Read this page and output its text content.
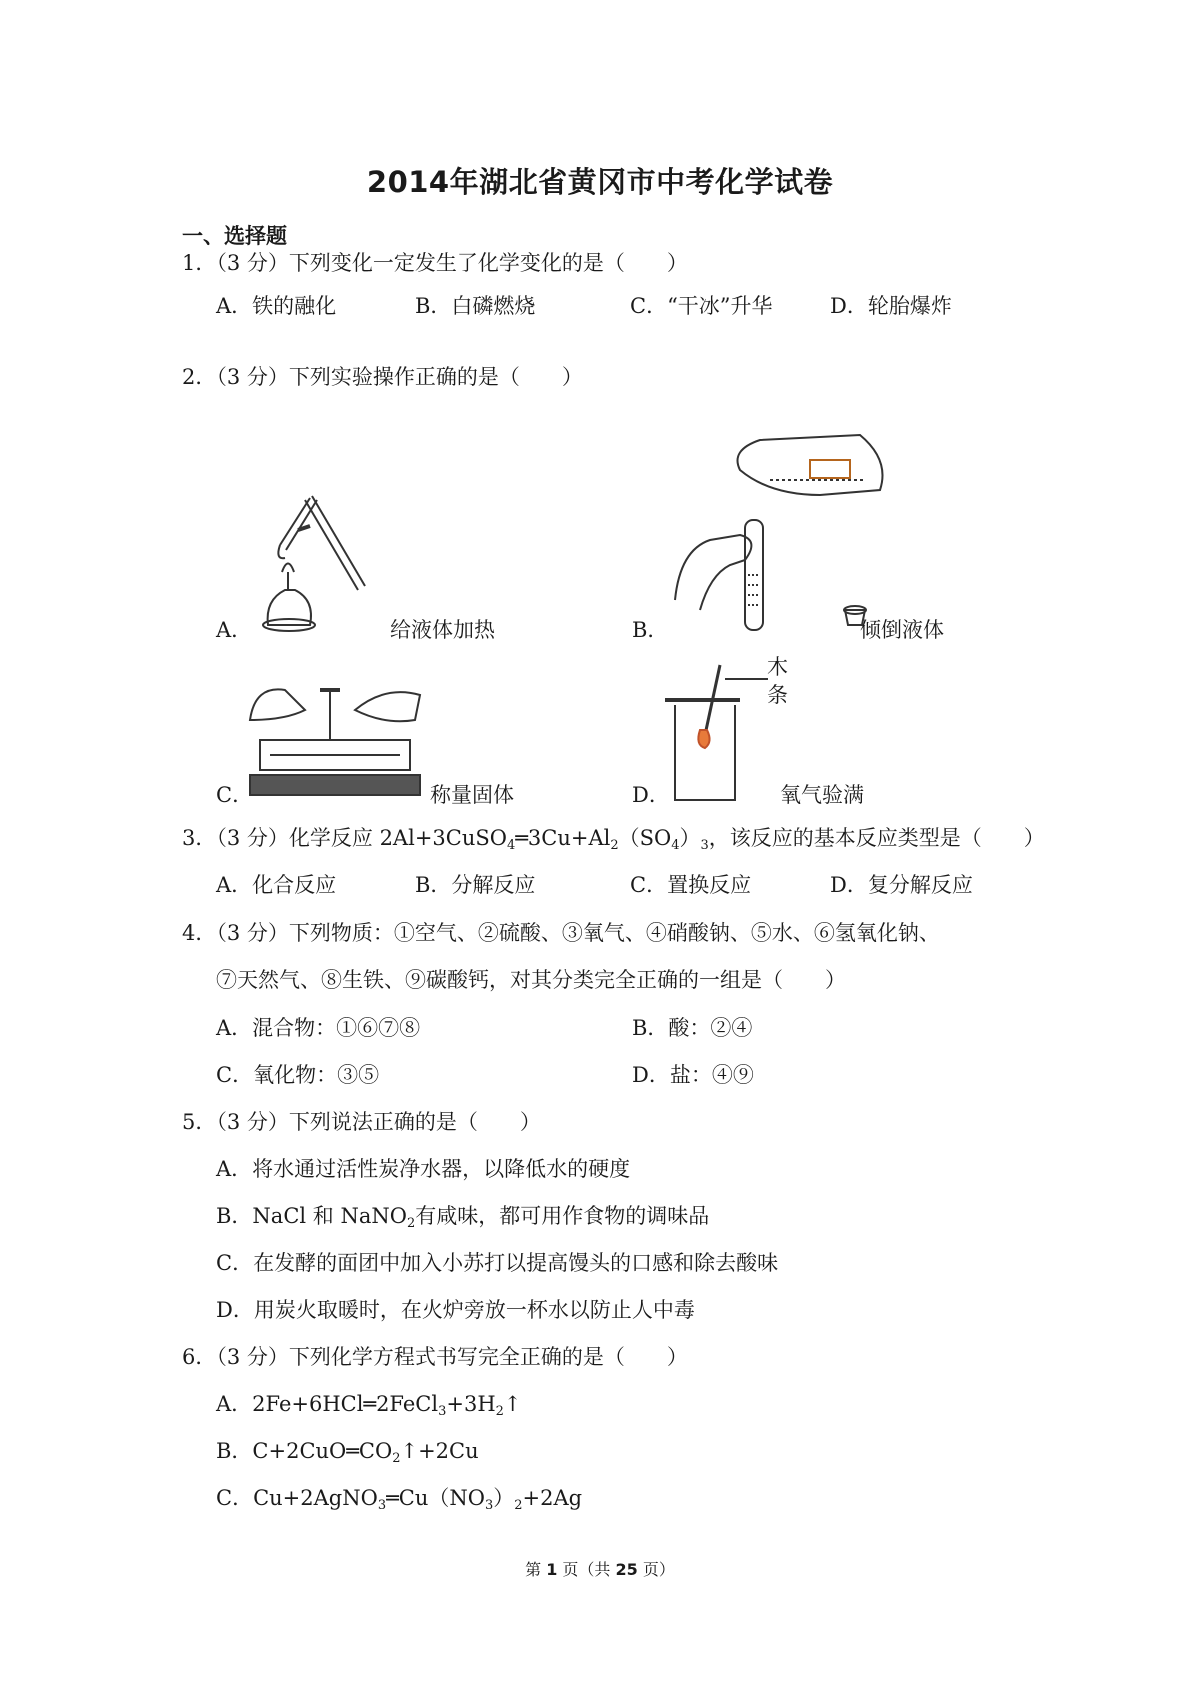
2014年湖北省黄冈市中考化学试卷
一、选择题
1．（3 分）下列变化一定发生了化学变化的是（　　）
A．铁的融化	B．白磷燃烧	C．“干冰”升华	D．轮胎爆炸
2．（3 分）下列实验操作正确的是（　　）
A．	给液体加热	B．	倾倒液体
C．	称量固体
木
条
D．	氧气验满
3．（3 分）化学反应 $2Al+3CuSO_4═3Cu+Al_2(SO_4)_3$，该反应的基本反应类型是（　　）
A．化合反应	B．分解反应	C．置换反应	D．复分解反应
4．（3 分）下列物质：①空气、②硫酸、③氧气、④硝酸钠、⑤水、⑥氢氧化钠、
⑦天然气、⑧生铁、⑨碳酸钙，对其分类完全正确的一组是（　　）
A．混合物：①⑥⑦⑧	B．酸：②④
C．氧化物：③⑤	D．盐：④⑨
5．（3 分）下列说法正确的是（　　）
A．将水通过活性炭净水器，以降低水的硬度
B．NaCl 和 NaNO$_2$有咸味，都可用作食物的调味品
C．在发酵的面团中加入小苏打以提高馒头的口感和除去酸味
D．用炭火取暖时，在火炉旁放一杯水以防止人中毒
6．（3 分）下列化学方程式书写完全正确的是（　　）
A．$2Fe+6HCl═2FeCl_3+3H_2↑$
B．$C+2CuO═CO_2↑+2Cu$
C．$Cu+2AgNO_3═Cu(NO_3)_2+2Ag$
第 1 页（共 25 页）
